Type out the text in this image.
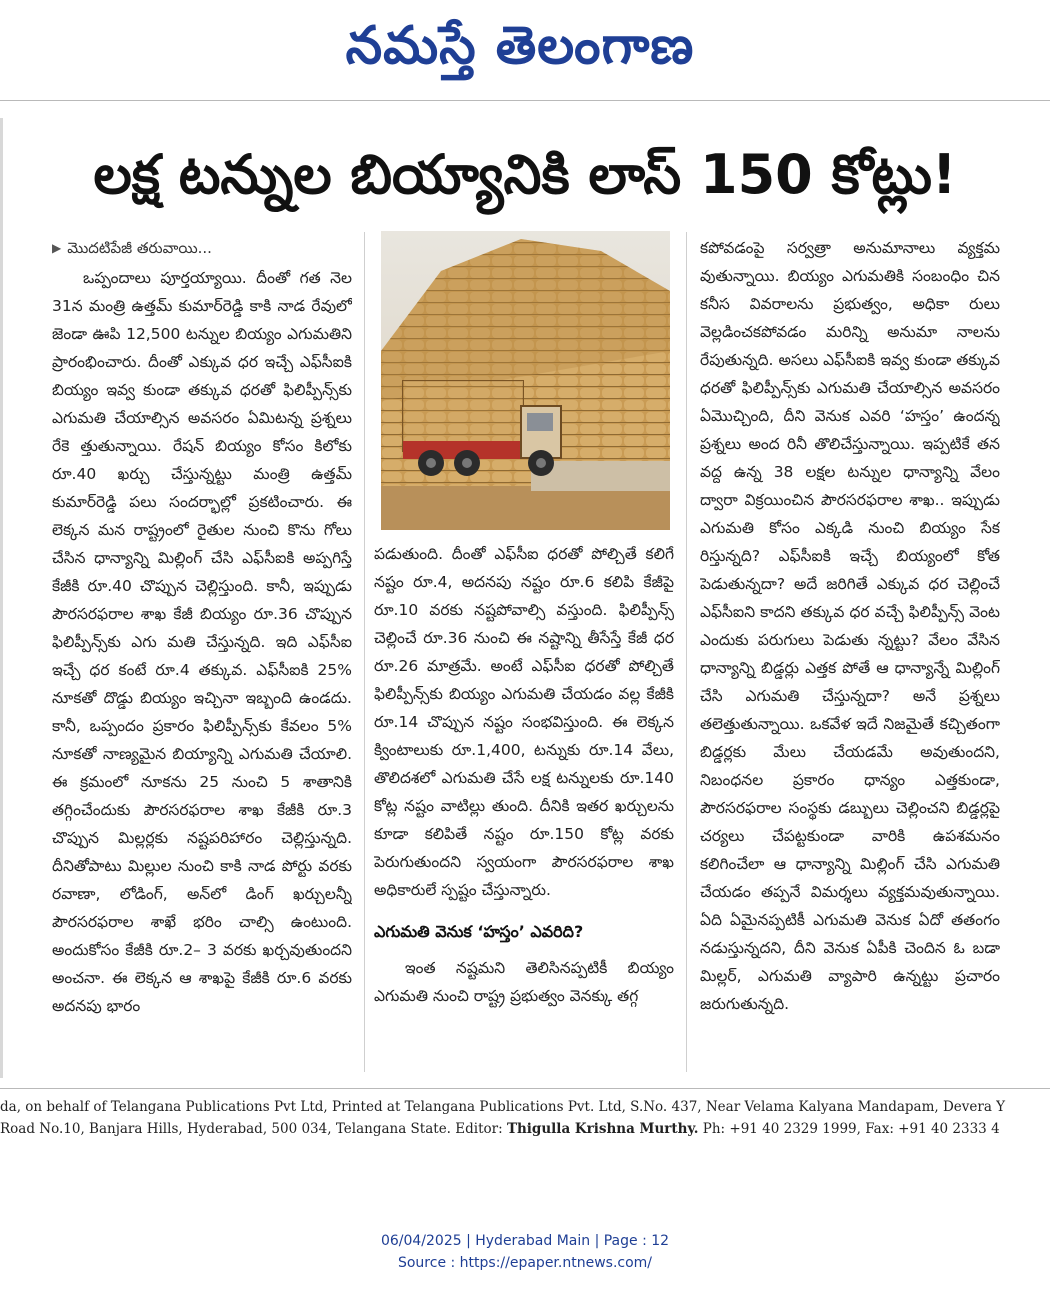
నమస్తే తెలంగాణ
లక్ష టన్నుల బియ్యానికి లాస్ 150 కోట్లు!
▶ మొదటిపేజీ తరువాయి...

ఒప్పందాలు పూర్తయ్యాయి. దీంతో గత నెల 31న మంత్రి ఉత్తమ్ కుమార్‌రెడ్డి కాకి నాడ రేవులో జెండా ఊపి 12,500 టన్నుల బియ్యం ఎగుమతిని ప్రారంభించారు. దీంతో ఎక్కువ ధర ఇచ్చే ఎఫ్‌సీఐకి బియ్యం ఇవ్వ కుండా తక్కువ ధరతో ఫిలిప్పీన్స్‌కు ఎగుమతి చేయాల్సిన అవసరం ఏమిటన్న ప్రశ్నలు రేకె త్తుతున్నాయి. రేషన్ బియ్యం కోసం కిలోకు రూ.40 ఖర్చు చేస్తున్నట్టు మంత్రి ఉత్తమ్ కుమార్‌రెడ్డి పలు సందర్భాల్లో ప్రకటించారు. ఈ లెక్కన మన రాష్ట్రంలో రైతుల నుంచి కొను గోలు చేసిన ధాన్యాన్ని మిల్లింగ్ చేసి ఎఫ్‌సీఐకి అప్పగిస్తే కేజీకి రూ.40 చొప్పున చెల్లిస్తుంది. కానీ, ఇప్పుడు పౌరసరఫరాల శాఖ కేజీ బియ్యం రూ.36 చొప్పున ఫిలిప్పీన్స్‌కు ఎగు మతి చేస్తున్నది. ఇది ఎఫ్‌సీఐ ఇచ్చే ధర కంటే రూ.4 తక్కువ. ఎఫ్‌సీఐకి 25% నూకతో దొడ్డు బియ్యం ఇచ్చినా ఇబ్బంది ఉండదు. కానీ, ఒప్పందం ప్రకారం ఫిలిప్పీన్స్‌కు కేవలం 5% నూకతో నాణ్యమైన బియ్యాన్ని ఎగుమతి చేయాలి. ఈ క్రమంలో నూకను 25 నుంచి 5 శాతానికి తగ్గించేందుకు పౌరసరఫరాల శాఖ కేజీకి రూ.3 చొప్పున మిల్లర్లకు నష్టపరిహారం చెల్లిస్తున్నది. దీనితోపాటు మిల్లుల నుంచి కాకి నాడ పోర్టు వరకు రవాణా, లోడింగ్, అన్‌లో డింగ్ ఖర్చులన్నీ పౌరసరఫరాల శాఖే భరిం చాల్సి ఉంటుంది. అందుకోసం కేజీకి రూ.2– 3 వరకు ఖర్చవుతుందని అంచనా. ఈ లెక్కన ఆ శాఖపై కేజీకి రూ.6 వరకు అదనపు భారం

పడుతుంది. దీంతో ఎఫ్‌సీఐ ధరతో పోల్చితే కలిగే నష్టం రూ.4, అదనపు నష్టం రూ.6 కలిపి కేజీపై రూ.10 వరకు నష్టపోవాల్సి వస్తుంది. ఫిలిప్పీన్స్ చెల్లించే రూ.36 నుంచి ఈ నష్టాన్ని తీసేస్తే కేజీ ధర రూ.26 మాత్రమే. అంటే ఎఫ్‌సీఐ ధరతో పోల్చితే ఫిలిప్పీన్స్‌కు బియ్యం ఎగుమతి చేయడం వల్ల కేజీకి రూ.14 చొప్పున నష్టం సంభవిస్తుంది. ఈ లెక్కన క్వింటాలుకు రూ.1,400, టన్నుకు రూ.14 వేలు, తొలిదశలో ఎగుమతి చేసే లక్ష టన్నులకు రూ.140 కోట్ల నష్టం వాటిల్లు తుంది. దీనికి ఇతర ఖర్చులను కూడా కలిపితే నష్టం రూ.150 కోట్ల వరకు పెరుగుతుందని స్వయంగా పౌరసరఫరాల శాఖ అధికారులే స్పష్టం చేస్తున్నారు.

ఎగుమతి వెనుక ‘హస్తం’ ఎవరిది?

ఇంత నష్టమని తెలిసినప్పటికీ బియ్యం ఎగుమతి నుంచి రాష్ట్ర ప్రభుత్వం వెనక్కు తగ్గ

కపోవడంపై సర్వత్రా అనుమానాలు వ్యక్తమ వుతున్నాయి. బియ్యం ఎగుమతికి సంబంధిం చిన కనీస వివరాలను ప్రభుత్వం, అధికా రులు వెల్లడించకపోవడం మరిన్ని అనుమా నాలను రేపుతున్నది. అసలు ఎఫ్‌సీఐకి ఇవ్వ కుండా తక్కువ ధరతో ఫిలిప్పీన్స్‌కు ఎగుమతి చేయాల్సిన అవసరం ఏమొచ్చింది, దీని వెనుక ఎవరి ‘హస్తం’ ఉందన్న ప్రశ్నలు అంద రినీ తొలిచేస్తున్నాయి. ఇప్పటికే తన వద్ద ఉన్న 38 లక్షల టన్నుల ధాన్యాన్ని వేలం ద్వారా విక్రయించిన పౌరసరఫరాల శాఖ.. ఇప్పుడు ఎగుమతి కోసం ఎక్కడి నుంచి బియ్యం సేక రిస్తున్నది? ఎఫ్‌సీఐకి ఇచ్చే బియ్యంలో కోత పెడుతున్నదా? అదే జరిగితే ఎక్కువ ధర చెల్లించే ఎఫ్‌సీఐని కాదని తక్కువ ధర వచ్చే ఫిలిప్పీన్స్ వెంట ఎందుకు పరుగులు పెడుతు న్నట్టు? వేలం వేసిన ధాన్యాన్ని బిడ్డర్లు ఎత్తక పోతే ఆ ధాన్యాన్నే మిల్లింగ్ చేసి ఎగుమతి చేస్తున్నదా? అనే ప్రశ్నలు తలెత్తుతున్నాయి. ఒకవేళ ఇదే నిజమైతే కచ్చితంగా బిడ్డర్లకు మేలు చేయడమే అవుతుందని, నిబంధనల ప్రకారం ధాన్యం ఎత్తకుండా, పౌరసరఫరాల సంస్థకు డబ్బులు చెల్లించని బిడ్డర్లపై చర్యలు చేపట్టకుండా వారికి ఉపశమనం కలిగించేలా ఆ ధాన్యాన్ని మిల్లింగ్ చేసి ఎగుమతి చేయడం తప్పనే విమర్శలు వ్యక్తమవుతున్నాయి. ఏది ఏమైనప్పటికీ ఎగుమతి వెనుక ఏదో తతంగం నడుస్తున్నదని, దీని వెనుక ఏపీకి చెందిన ఓ బడా మిల్లర్, ఎగుమతి వ్యాపారి ఉన్నట్టు ప్రచారం జరుగుతున్నది.

da, on behalf of Telangana Publications Pvt Ltd, Printed at Telangana Publications Pvt. Ltd, S.No. 437, Near Velama Kalyana Mandapam, Devera Y
Road No.10, Banjara Hills, Hyderabad, 500 034, Telangana State. Editor: Thigulla Krishna Murthy. Ph: +91 40 2329 1999, Fax: +91 40 2333 4
06/04/2025 | Hyderabad Main | Page : 12
Source : https://epaper.ntnews.com/
